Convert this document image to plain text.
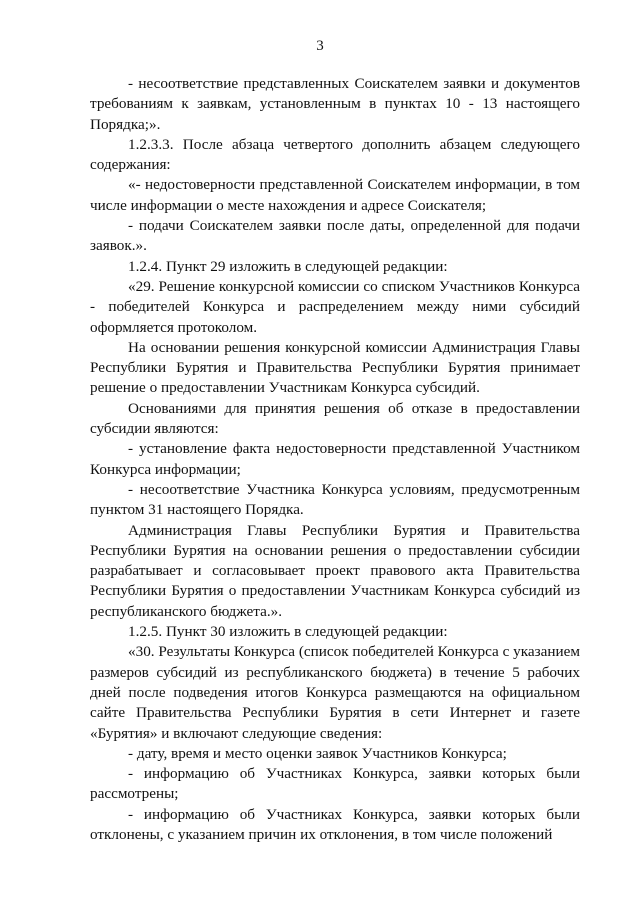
3

- несоответствие представленных Соискателем заявки и документов требованиям к заявкам, установленным в пунктах 10 - 13 настоящего Порядка;».

1.2.3.3. После абзаца четвертого дополнить абзацем следующего содержания:

«- недостоверности представленной Соискателем информации, в том числе информации о месте нахождения и адресе Соискателя;

- подачи Соискателем заявки после даты, определенной для подачи заявок.».

1.2.4. Пункт 29 изложить в следующей редакции:

«29. Решение конкурсной комиссии со списком Участников Конкурса - победителей Конкурса и распределением между ними субсидий оформляется протоколом.

На основании решения конкурсной комиссии Администрация Главы Республики Бурятия и Правительства Республики Бурятия принимает решение о предоставлении Участникам Конкурса субсидий.

Основаниями для принятия решения об отказе в предоставлении субсидии являются:

- установление факта недостоверности представленной Участником Конкурса информации;

- несоответствие Участника Конкурса условиям, предусмотренным пунктом 31 настоящего Порядка.

Администрация Главы Республики Бурятия и Правительства Республики Бурятия на основании решения о предоставлении субсидии разрабатывает и согласовывает проект правового акта Правительства Республики Бурятия о предоставлении Участникам Конкурса субсидий из республиканского бюджета.».

1.2.5. Пункт 30 изложить в следующей редакции:

«30. Результаты Конкурса (список победителей Конкурса с указанием размеров субсидий из республиканского бюджета) в течение 5 рабочих дней после подведения итогов Конкурса размещаются на официальном сайте Правительства Республики Бурятия в сети Интернет и газете «Бурятия» и включают следующие сведения:

- дату, время и место оценки заявок Участников Конкурса;

- информацию об Участниках Конкурса, заявки которых были рассмотрены;

- информацию об Участниках Конкурса, заявки которых были отклонены, с указанием причин их отклонения, в том числе положений
